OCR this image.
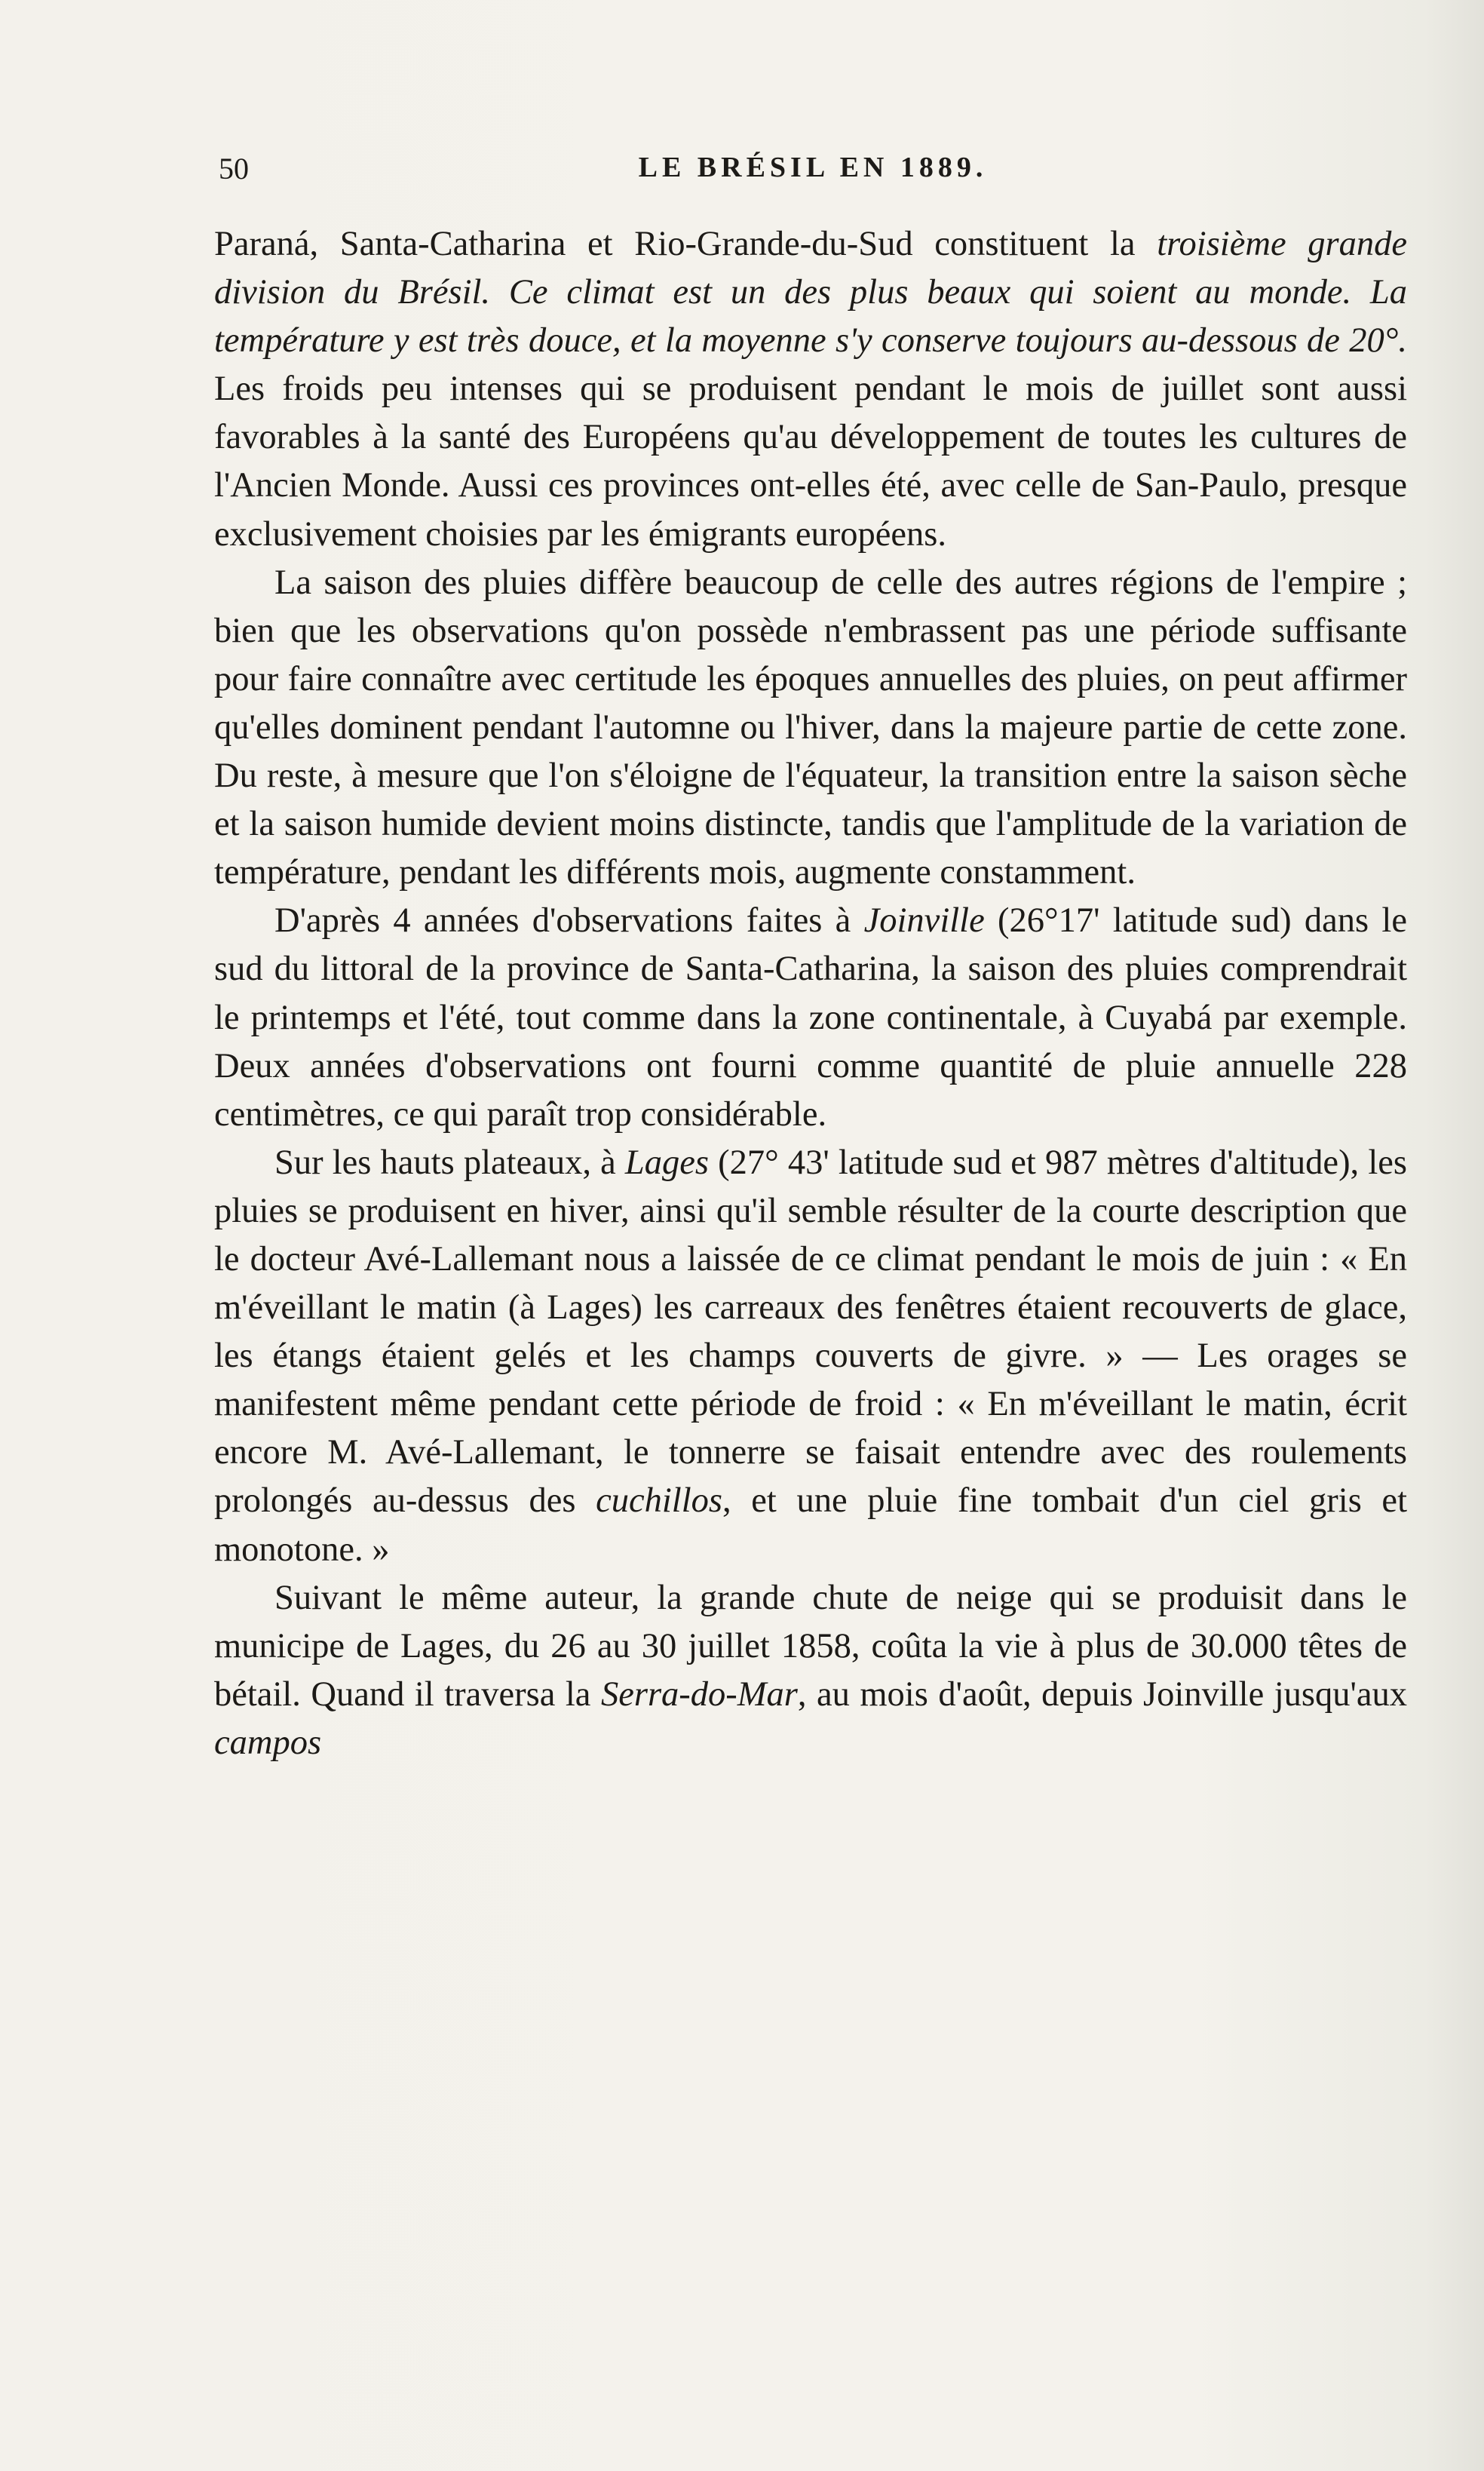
50	LE BRÉSIL EN 1889.

Paraná, Santa-Catharina et Rio-Grande-du-Sud constituent la troisième grande division du Brésil. Ce climat est un des plus beaux qui soient au monde. La température y est très douce, et la moyenne s'y conserve toujours au-dessous de 20°. Les froids peu intenses qui se produisent pendant le mois de juillet sont aussi favorables à la santé des Européens qu'au développement de toutes les cultures de l'Ancien Monde. Aussi ces provinces ont-elles été, avec celle de San-Paulo, presque exclusivement choisies par les émigrants européens.

La saison des pluies diffère beaucoup de celle des autres régions de l'empire ; bien que les observations qu'on possède n'embrassent pas une période suffisante pour faire connaître avec certitude les époques annuelles des pluies, on peut affirmer qu'elles dominent pendant l'automne ou l'hiver, dans la majeure partie de cette zone. Du reste, à mesure que l'on s'éloigne de l'équateur, la transition entre la saison sèche et la saison humide devient moins distincte, tandis que l'amplitude de la variation de température, pendant les différents mois, augmente constamment.

D'après 4 années d'observations faites à Joinville (26°17' latitude sud) dans le sud du littoral de la province de Santa-Catharina, la saison des pluies comprendrait le printemps et l'été, tout comme dans la zone continentale, à Cuyabá par exemple. Deux années d'observations ont fourni comme quantité de pluie annuelle 228 centimètres, ce qui paraît trop considérable.

Sur les hauts plateaux, à Lages (27° 43' latitude sud et 987 mètres d'altitude), les pluies se produisent en hiver, ainsi qu'il semble résulter de la courte description que le docteur Avé-Lallemant nous a laissée de ce climat pendant le mois de juin : « En m'éveillant le matin (à Lages) les carreaux des fenêtres étaient recouverts de glace, les étangs étaient gelés et les champs couverts de givre. » — Les orages se manifestent même pendant cette période de froid : « En m'éveillant le matin, écrit encore M. Avé-Lallemant, le tonnerre se faisait entendre avec des roulements prolongés au-dessus des cuchillos, et une pluie fine tombait d'un ciel gris et monotone. »

Suivant le même auteur, la grande chute de neige qui se produisit dans le municipe de Lages, du 26 au 30 juillet 1858, coûta la vie à plus de 30.000 têtes de bétail. Quand il traversa la Serra-do-Mar, au mois d'août, depuis Joinville jusqu'aux campos
